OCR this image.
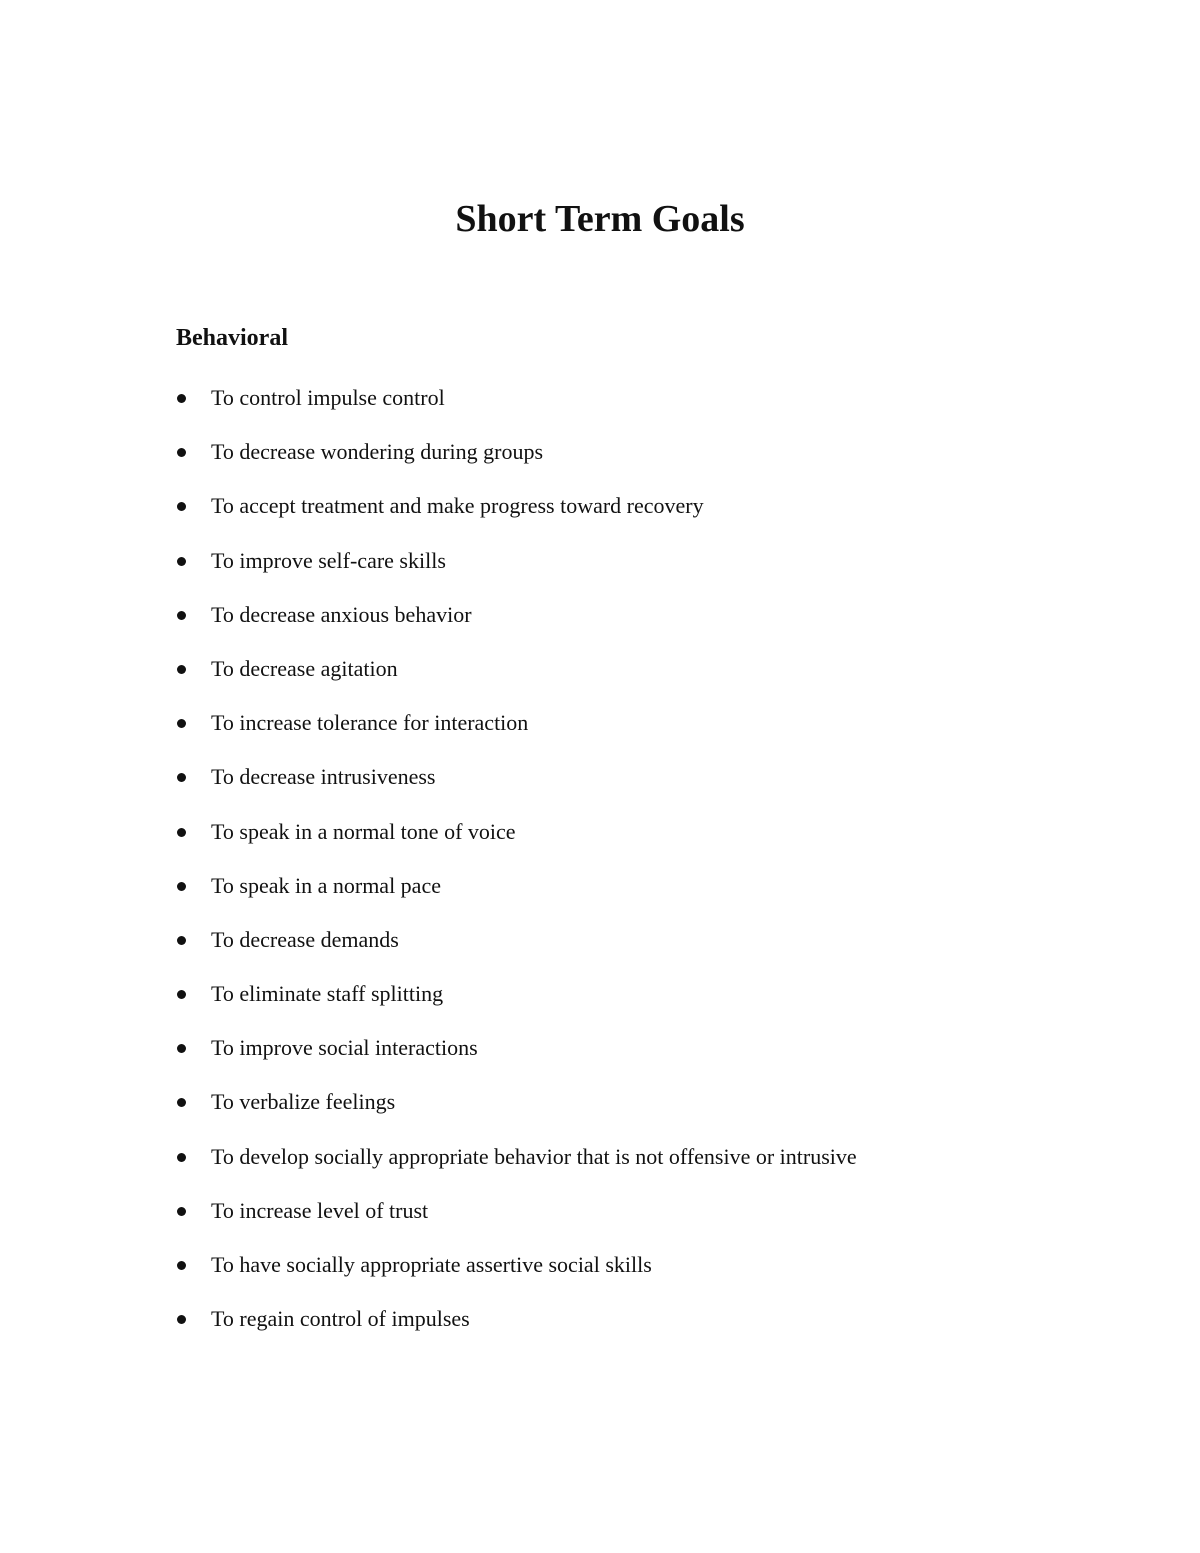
Short Term Goals
Behavioral
To control impulse control
To decrease wondering during groups
To accept treatment and make progress toward recovery
To improve self-care skills
To decrease anxious behavior
To decrease agitation
To increase tolerance for interaction
To decrease intrusiveness
To speak in a normal tone of voice
To speak in a normal pace
To decrease demands
To eliminate staff splitting
To improve social interactions
To verbalize feelings
To develop socially appropriate behavior that is not offensive or intrusive
To increase level of trust
To have socially appropriate assertive social skills
To regain control of impulses
